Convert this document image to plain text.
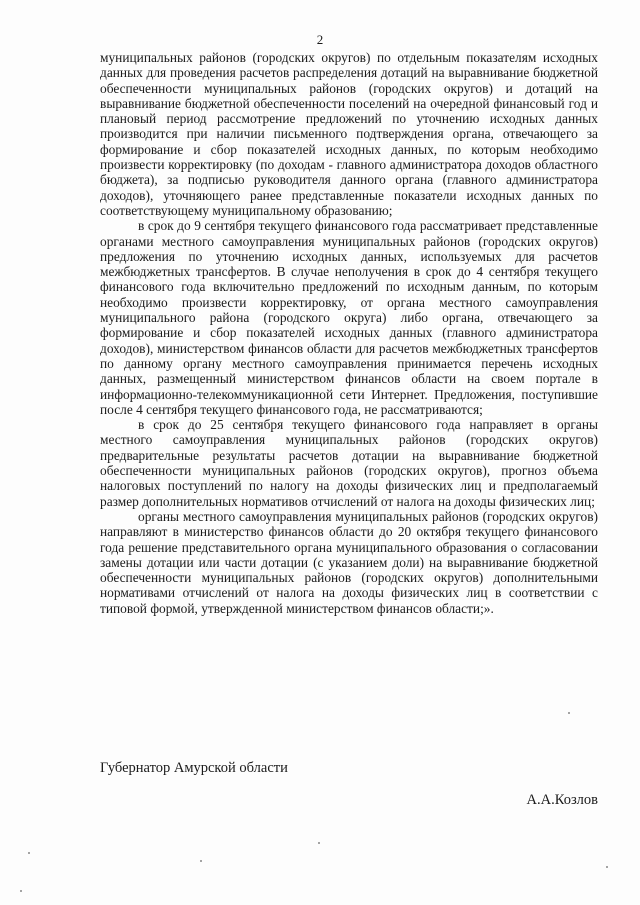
2

муниципальных районов (городских округов) по отдельным показателям исходных данных для проведения расчетов распределения дотаций на выравнивание бюджетной обеспеченности муниципальных районов (городских округов) и дотаций на выравнивание бюджетной обеспеченности поселений на очередной финансовый год и плановый период рассмотрение предложений по уточнению исходных данных производится при наличии письменного подтверждения органа, отвечающего за формирование и сбор показателей исходных данных, по которым необходимо произвести корректировку (по доходам - главного администратора доходов областного бюджета), за подписью руководителя данного органа (главного администратора доходов), уточняющего ранее представленные показатели исходных данных по соответствующему муниципальному образованию;

в срок до 9 сентября текущего финансового года рассматривает представленные органами местного самоуправления муниципальных районов (городских округов) предложения по уточнению исходных данных, используемых для расчетов межбюджетных трансфертов. В случае неполучения в срок до 4 сентября текущего финансового года включительно предложений по исходным данным, по которым необходимо произвести корректировку, от органа местного самоуправления муниципального района (городского округа) либо органа, отвечающего за формирование и сбор показателей исходных данных (главного администратора доходов), министерством финансов области для расчетов межбюджетных трансфертов по данному органу местного самоуправления принимается перечень исходных данных, размещенный министерством финансов области на своем портале в информационно-телекоммуникационной сети Интернет. Предложения, поступившие после 4 сентября текущего финансового года, не рассматриваются;

в срок до 25 сентября текущего финансового года направляет в органы местного самоуправления муниципальных районов (городских округов) предварительные результаты расчетов дотации на выравнивание бюджетной обеспеченности муниципальных районов (городских округов), прогноз объема налоговых поступлений по налогу на доходы физических лиц и предполагаемый размер дополнительных нормативов отчислений от налога на доходы физических лиц;

органы местного самоуправления муниципальных районов (городских округов) направляют в министерство финансов области до 20 октября текущего финансового года решение представительного органа муниципального образования о согласовании замены дотации или части дотации (с указанием доли) на выравнивание бюджетной обеспеченности муниципальных районов (городских округов) дополнительными нормативами отчислений от налога на доходы физических лиц в соответствии с типовой формой, утвержденной министерством финансов области;».

Губернатор Амурской области
А.А.Козлов
